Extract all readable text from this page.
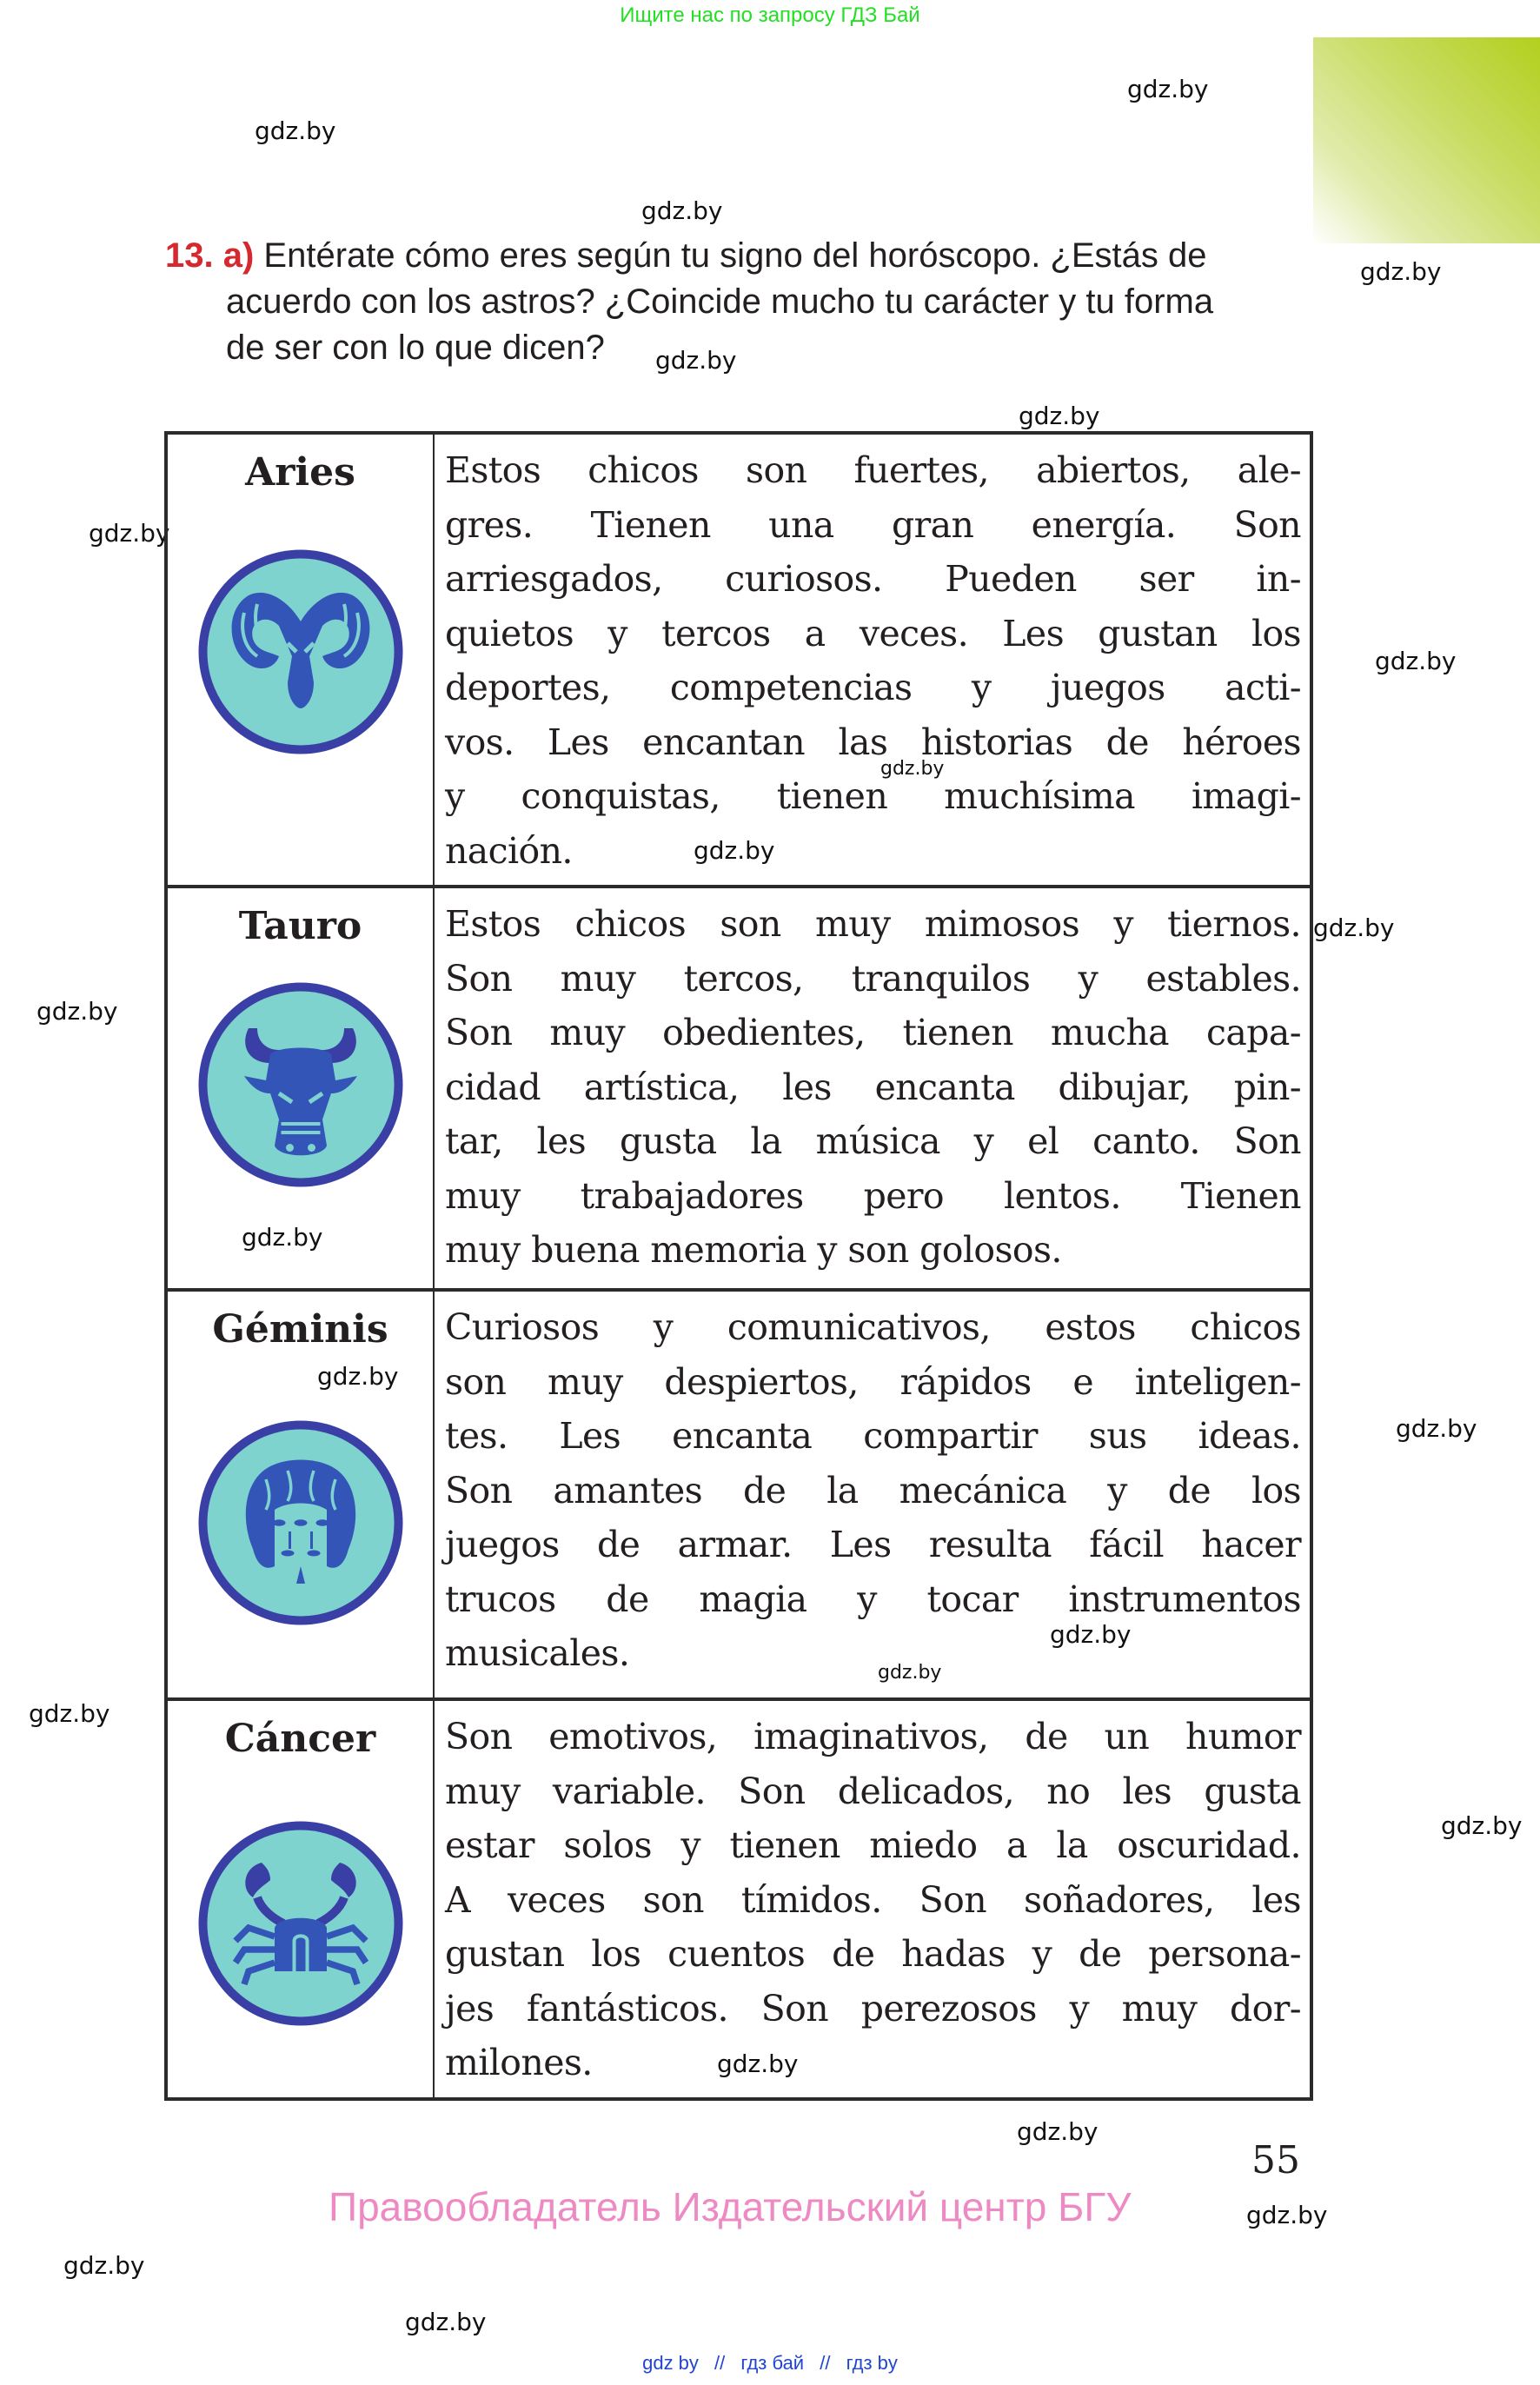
Ищите нас по запросу ГДЗ Бай
gdz.by
gdz.by
gdz.by
gdz.by
gdz.by
gdz.by
gdz.by
gdz.by
gdz.by
gdz.by
gdz.by
gdz.by
gdz.by
gdz.by
gdz.by
gdz.by
gdz.by
gdz.by
gdz.by
gdz.by
gdz.by
gdz.by
gdz.by
gdz.by
13. a) Entérate cómo eres según tu signo del horóscopo. ¿Estás de
acuerdo con los astros? ¿Coincide mucho tu carácter y tu forma
de ser con lo que dicen?
Aries	Estos chicos son fuertes, abiertos, ale-
gres. Tienen una gran energía. Son
arriesgados, curiosos. Pueden ser in-
quietos y tercos a veces. Les gustan los
deportes, competencias y juegos acti-
vos. Les encantan las historias de héroes
y conquistas, tienen muchísima imagi-
nación.

Tauro	Estos chicos son muy mimosos y tiernos.
Son muy tercos, tranquilos y estables.
Son muy obedientes, tienen mucha capa-
cidad artística, les encanta dibujar, pin-
tar, les gusta la música y el canto. Son
muy trabajadores pero lentos. Tienen
muy buena memoria y son golosos.

Géminis	Curiosos y comunicativos, estos chicos
son muy despiertos, rápidos e inteligen-
tes. Les encanta compartir sus ideas.
Son amantes de la mecánica y de los
juegos de armar. Les resulta fácil hacer
trucos de magia y tocar instrumentos
musicales.

Cáncer	Son emotivos, imaginativos, de un humor
muy variable. Son delicados, no les gusta
estar solos y tienen miedo a la oscuridad.
A veces son tímidos. Son soñadores, les
gustan los cuentos de hadas y de persona-
jes fantásticos. Son perezosos y muy dor-
milones.
55
Правообладатель Издательский центр БГУ
gdz by // гдз бай // гдз by
